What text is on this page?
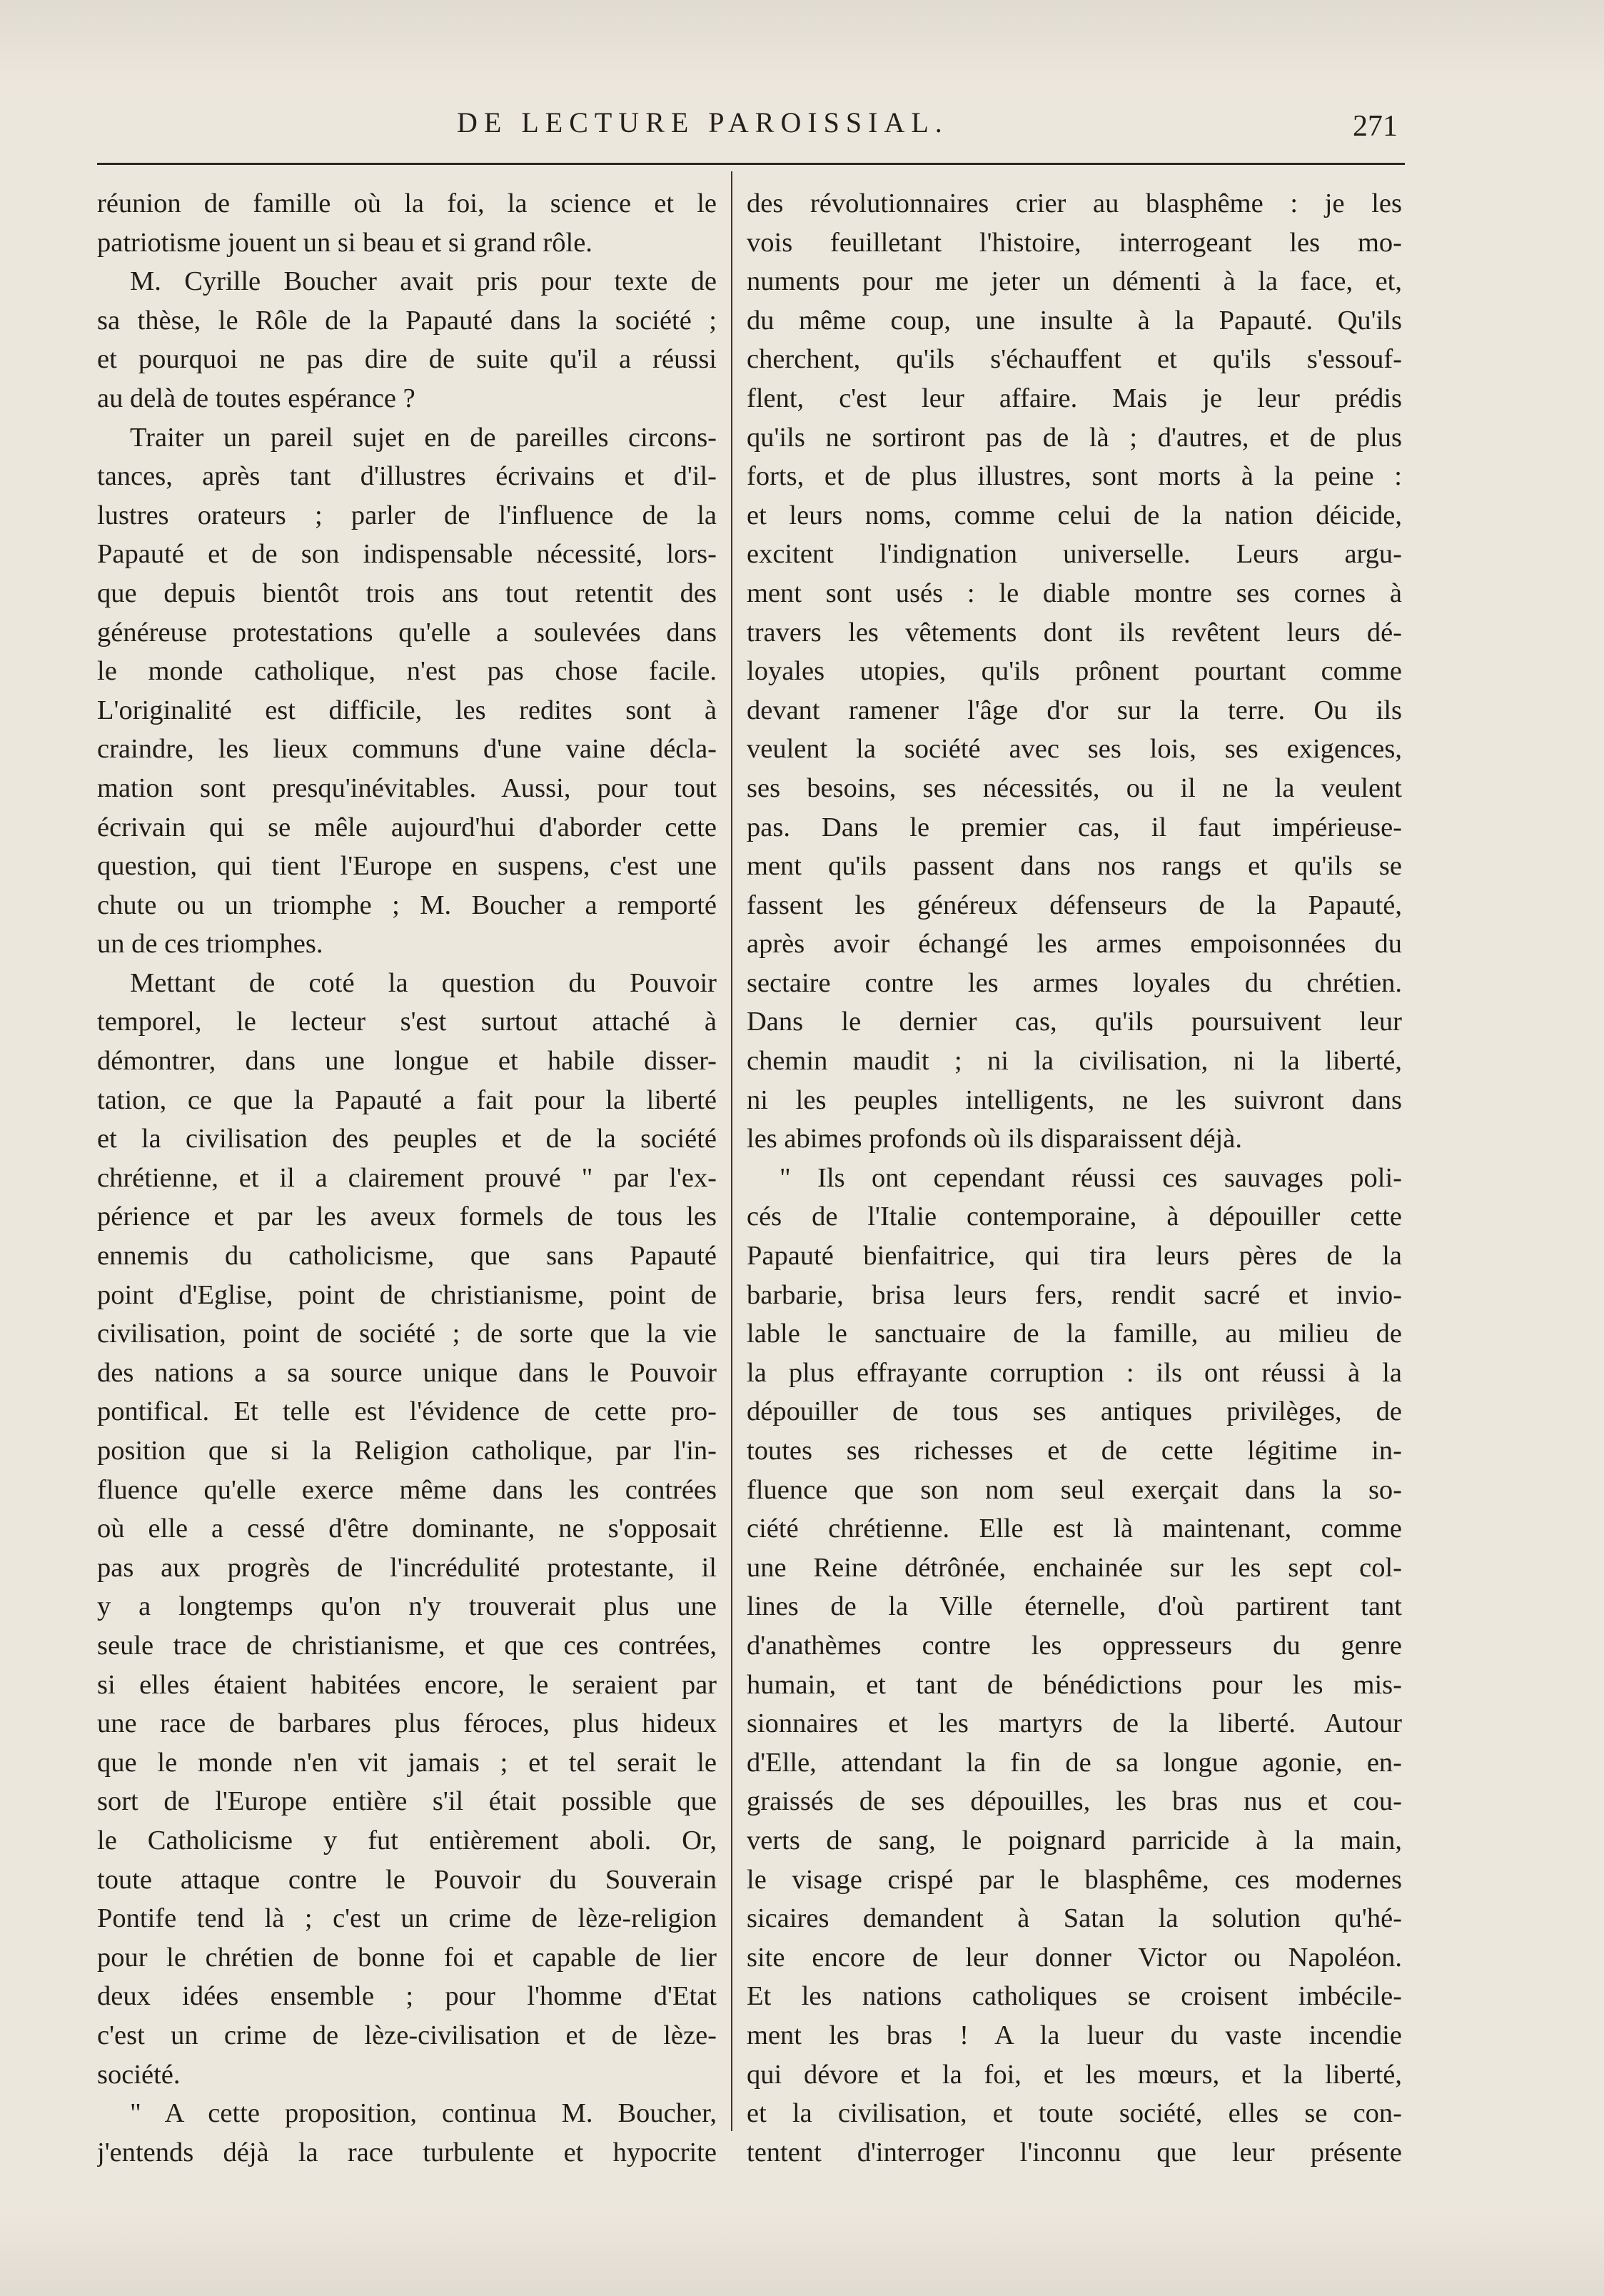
DE LECTURE PAROISSIAL.	271
réunion de famille où la foi, la science et le
patriotisme jouent un si beau et si grand rôle.
M. Cyrille Boucher avait pris pour texte de
sa thèse, le Rôle de la Papauté dans la société ;
et pourquoi ne pas dire de suite qu'il a réussi
au delà de toutes espérance ?
Traiter un pareil sujet en de pareilles circons-
tances, après tant d'illustres écrivains et d'il-
lustres orateurs ; parler de l'influence de la
Papauté et de son indispensable nécessité, lors-
que depuis bientôt trois ans tout retentit des
généreuse protestations qu'elle a soulevées dans
le monde catholique, n'est pas chose facile.
L'originalité est difficile, les redites sont à
craindre, les lieux communs d'une vaine décla-
mation sont presqu'inévitables. Aussi, pour tout
écrivain qui se mêle aujourd'hui d'aborder cette
question, qui tient l'Europe en suspens, c'est une
chute ou un triomphe ; M. Boucher a remporté
un de ces triomphes.
Mettant de coté la question du Pouvoir
temporel, le lecteur s'est surtout attaché à
démontrer, dans une longue et habile disser-
tation, ce que la Papauté a fait pour la liberté
et la civilisation des peuples et de la société
chrétienne, et il a clairement prouvé " par l'ex-
périence et par les aveux formels de tous les
ennemis du catholicisme, que sans Papauté
point d'Eglise, point de christianisme, point de
civilisation, point de société ; de sorte que la vie
des nations a sa source unique dans le Pouvoir
pontifical. Et telle est l'évidence de cette pro-
position que si la Religion catholique, par l'in-
fluence qu'elle exerce même dans les contrées
où elle a cessé d'être dominante, ne s'opposait
pas aux progrès de l'incrédulité protestante, il
y a longtemps qu'on n'y trouverait plus une
seule trace de christianisme, et que ces contrées,
si elles étaient habitées encore, le seraient par
une race de barbares plus féroces, plus hideux
que le monde n'en vit jamais ; et tel serait le
sort de l'Europe entière s'il était possible que
le Catholicisme y fut entièrement aboli. Or,
toute attaque contre le Pouvoir du Souverain
Pontife tend là ; c'est un crime de lèze-religion
pour le chrétien de bonne foi et capable de lier
deux idées ensemble ; pour l'homme d'Etat
c'est un crime de lèze-civilisation et de lèze-
société.
" A cette proposition, continua M. Boucher,
j'entends déjà la race turbulente et hypocrite
des révolutionnaires crier au blasphême : je les
vois feuilletant l'histoire, interrogeant les mo-
numents pour me jeter un démenti à la face, et,
du même coup, une insulte à la Papauté. Qu'ils
cherchent, qu'ils s'échauffent et qu'ils s'essouf-
flent, c'est leur affaire. Mais je leur prédis
qu'ils ne sortiront pas de là ; d'autres, et de plus
forts, et de plus illustres, sont morts à la peine :
et leurs noms, comme celui de la nation déicide,
excitent l'indignation universelle. Leurs argu-
ment sont usés : le diable montre ses cornes à
travers les vêtements dont ils revêtent leurs dé-
loyales utopies, qu'ils prônent pourtant comme
devant ramener l'âge d'or sur la terre. Ou ils
veulent la société avec ses lois, ses exigences,
ses besoins, ses nécessités, ou il ne la veulent
pas. Dans le premier cas, il faut impérieuse-
ment qu'ils passent dans nos rangs et qu'ils se
fassent les généreux défenseurs de la Papauté,
après avoir échangé les armes empoisonnées du
sectaire contre les armes loyales du chrétien.
Dans le dernier cas, qu'ils poursuivent leur
chemin maudit ; ni la civilisation, ni la liberté,
ni les peuples intelligents, ne les suivront dans
les abimes profonds où ils disparaissent déjà.
" Ils ont cependant réussi ces sauvages poli-
cés de l'Italie contemporaine, à dépouiller cette
Papauté bienfaitrice, qui tira leurs pères de la
barbarie, brisa leurs fers, rendit sacré et invio-
lable le sanctuaire de la famille, au milieu de
la plus effrayante corruption : ils ont réussi à la
dépouiller de tous ses antiques privilèges, de
toutes ses richesses et de cette légitime in-
fluence que son nom seul exerçait dans la so-
ciété chrétienne. Elle est là maintenant, comme
une Reine détrônée, enchainée sur les sept col-
lines de la Ville éternelle, d'où partirent tant
d'anathèmes contre les oppresseurs du genre
humain, et tant de bénédictions pour les mis-
sionnaires et les martyrs de la liberté. Autour
d'Elle, attendant la fin de sa longue agonie, en-
graissés de ses dépouilles, les bras nus et cou-
verts de sang, le poignard parricide à la main,
le visage crispé par le blasphême, ces modernes
sicaires demandent à Satan la solution qu'hé-
site encore de leur donner Victor ou Napoléon.
Et les nations catholiques se croisent imbécile-
ment les bras ! A la lueur du vaste incendie
qui dévore et la foi, et les mœurs, et la liberté,
et la civilisation, et toute société, elles se con-
tentent d'interroger l'inconnu que leur présente
